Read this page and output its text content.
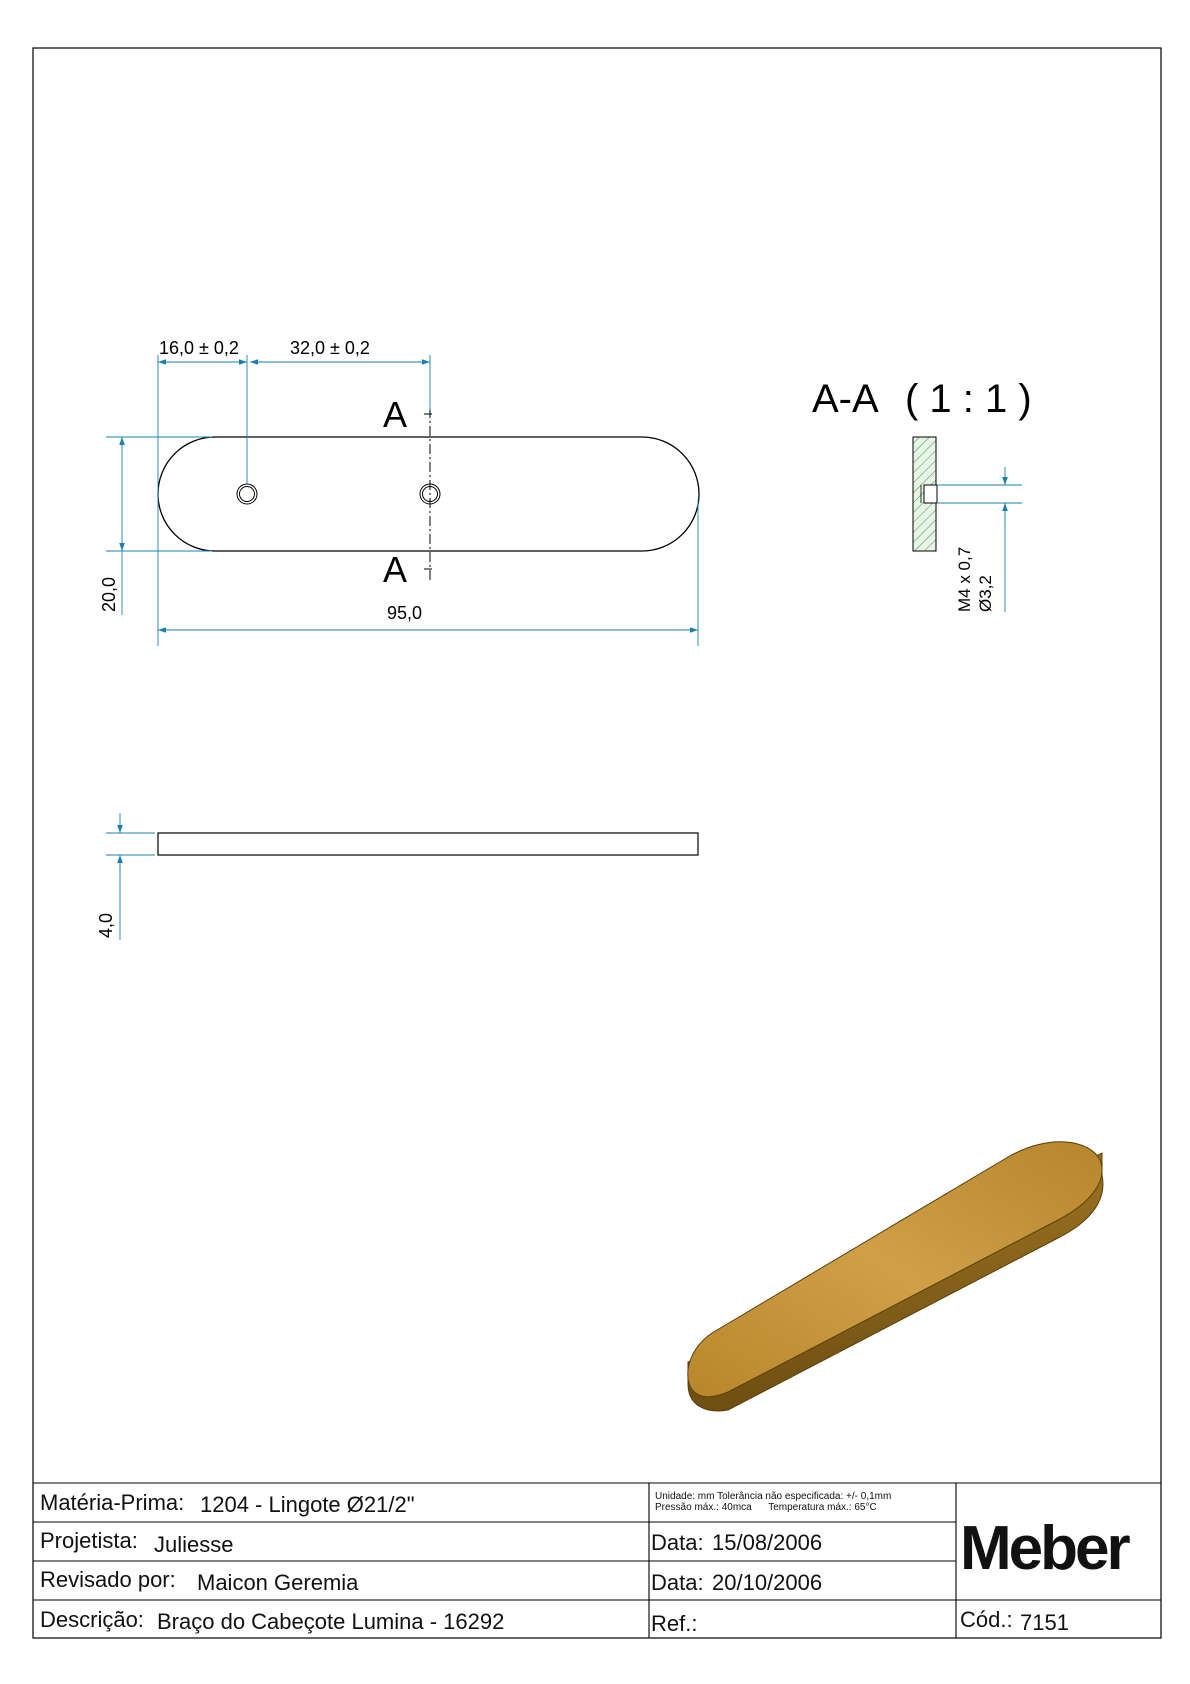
A
A
16,0 ± 0,2	32,0 ± 0,2
20,0
95,0
A-A ( 1 : 1 )
M4 x 0,7 Ø3,2
4,0
Matéria-Prima: 1204 - Lingote Ø21/2"
Projetista: Juliesse
Revisado por: Maicon Geremia
Descrição: Braço do Cabeçote Lumina - 16292
Unidade: mm Tolerância não especificada: +/- 0,1mm
Pressão máx.: 40mca      Temperatura máx.: 65°C
Data: 15/08/2006
Data: 20/10/2006
Ref.:	Cód.: 7151
Meber
